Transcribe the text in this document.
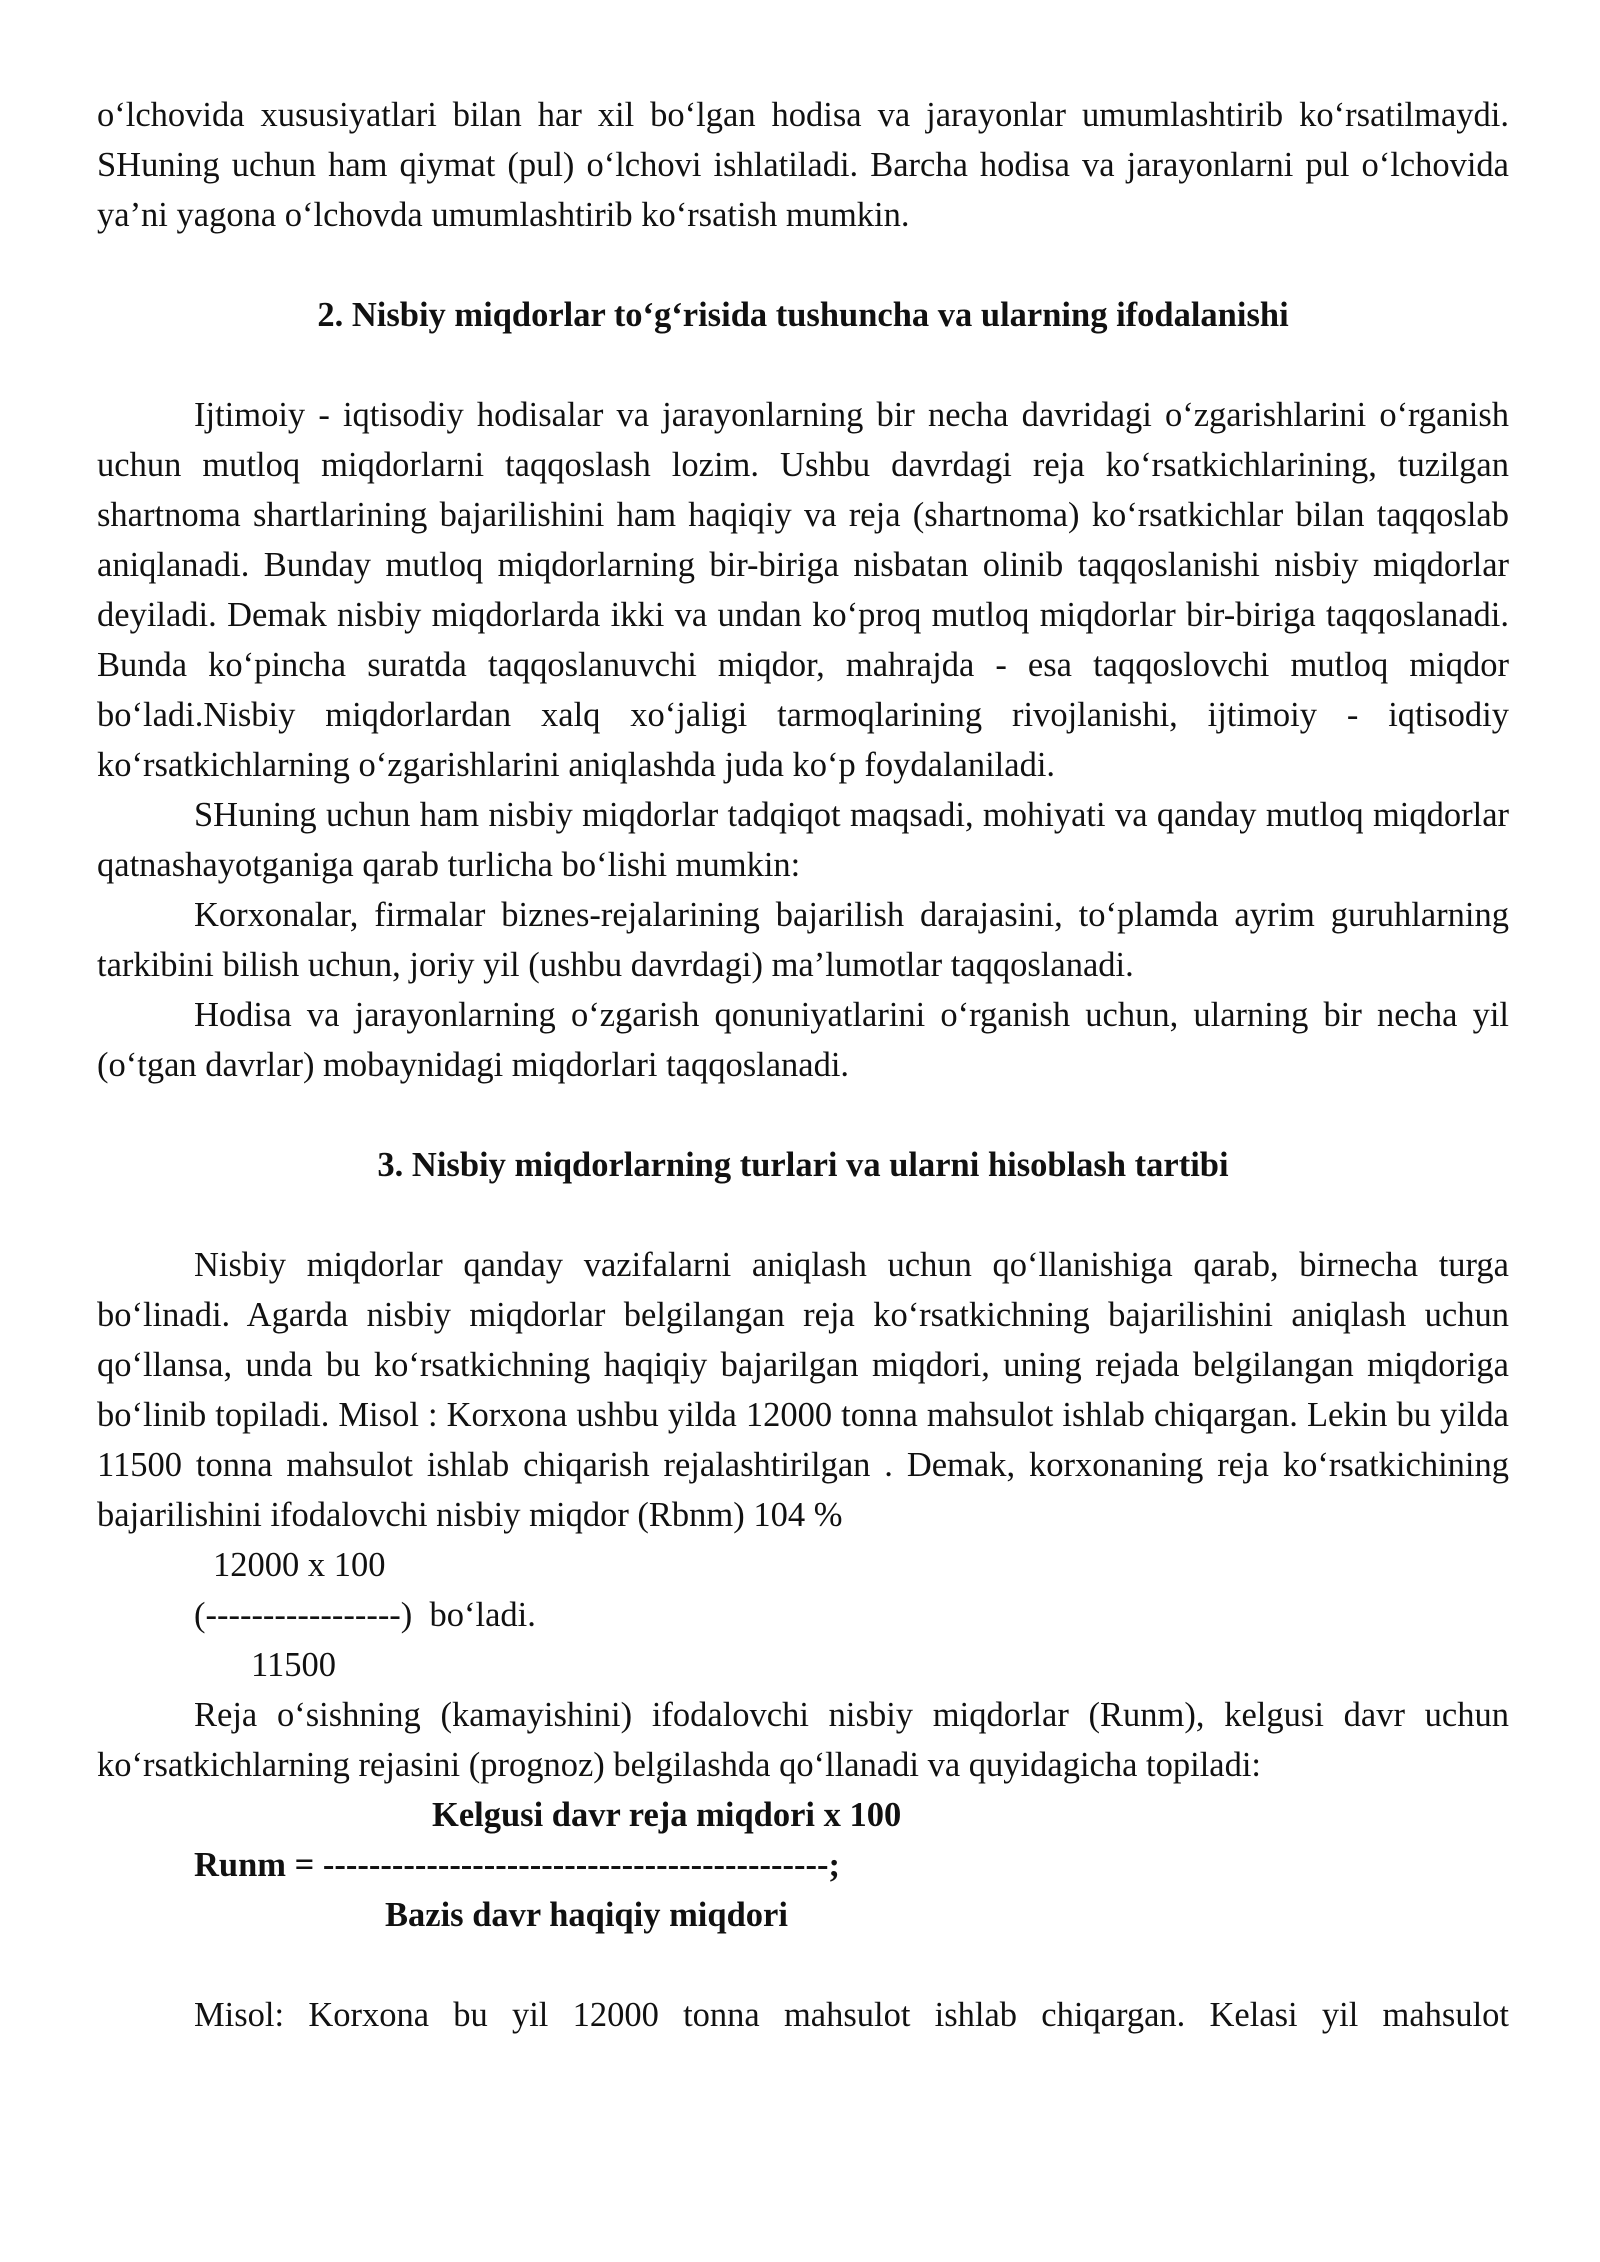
o‘lchovida xususiyatlari bilan har xil bo‘lgan hodisa va jarayonlar umumlashtirib ko‘rsatilmaydi. SHuning uchun ham qiymat (pul) o‘lchovi ishlatiladi. Barcha hodisa va jarayonlarni pul o‘lchovida ya’ni yagona o‘lchovda umumlashtirib ko‘rsatish mumkin.

2. Nisbiy miqdorlar to‘g‘risida tushuncha va ularning ifodalanishi

Ijtimoiy - iqtisodiy hodisalar va jarayonlarning bir necha davridagi o‘zgarishlarini o‘rganish uchun mutloq miqdorlarni taqqoslash lozim. Ushbu davrdagi reja ko‘rsatkichlarining, tuzilgan shartnoma shartlarining bajarilishini ham haqiqiy va reja (shartnoma) ko‘rsatkichlar bilan taqqoslab aniqlanadi. Bunday mutloq miqdorlarning bir-biriga nisbatan olinib taqqoslanishi nisbiy miqdorlar deyiladi. Demak nisbiy miqdorlarda ikki va undan ko‘proq mutloq miqdorlar bir-biriga taqqoslanadi. Bunda ko‘pincha suratda taqqoslanuvchi miqdor, mahrajda - esa taqqoslovchi mutloq miqdor bo‘ladi.Nisbiy miqdorlardan xalq xo‘jaligi tarmoqlarining rivojlanishi, ijtimoiy - iqtisodiy ko‘rsatkichlarning o‘zgarishlarini aniqlashda juda ko‘p foydalaniladi.

SHuning uchun ham nisbiy miqdorlar tadqiqot maqsadi, mohiyati va qanday mutloq miqdorlar qatnashayotganiga qarab turlicha bo‘lishi mumkin:

Korxonalar, firmalar biznes-rejalarining bajarilish darajasini, to‘plamda ayrim guruhlarning tarkibini bilish uchun, joriy yil (ushbu davrdagi) ma’lumotlar taqqoslanadi.

Hodisa va jarayonlarning o‘zgarish qonuniyatlarini o‘rganish uchun, ularning bir necha yil (o‘tgan davrlar) mobaynidagi miqdorlari taqqoslanadi.

3. Nisbiy miqdorlarning turlari va ularni hisoblash tartibi

Nisbiy miqdorlar qanday vazifalarni aniqlash uchun qo‘llanishiga qarab, birnecha turga bo‘linadi. Agarda nisbiy miqdorlar belgilangan reja ko‘rsatkichning bajarilishini aniqlash uchun qo‘llansa, unda bu ko‘rsatkichning haqiqiy bajarilgan miqdori, uning rejada belgilangan miqdoriga bo‘linib topiladi. Misol : Korxona ushbu yilda 12000 tonna mahsulot ishlab chiqargan. Lekin bu yilda 11500 tonna mahsulot ishlab chiqarish rejalashtirilgan . Demak, korxonaning reja ko‘rsatkichining bajarilishini ifodalovchi nisbiy miqdor (Rbnm) 104 %

12000 x 100

(-----------------)  bo‘ladi.

11500

Reja o‘sishning (kamayishini) ifodalovchi nisbiy miqdorlar (Runm), kelgusi davr uchun ko‘rsatkichlarning rejasini (prognoz) belgilashda qo‘llanadi va quyidagicha topiladi:

Kelgusi davr reja miqdori x 100

Runm = --------------------------------------------;

Bazis davr haqiqiy miqdori

Misol: Korxona bu yil 12000 tonna mahsulot ishlab chiqargan. Kelasi yil mahsulot
